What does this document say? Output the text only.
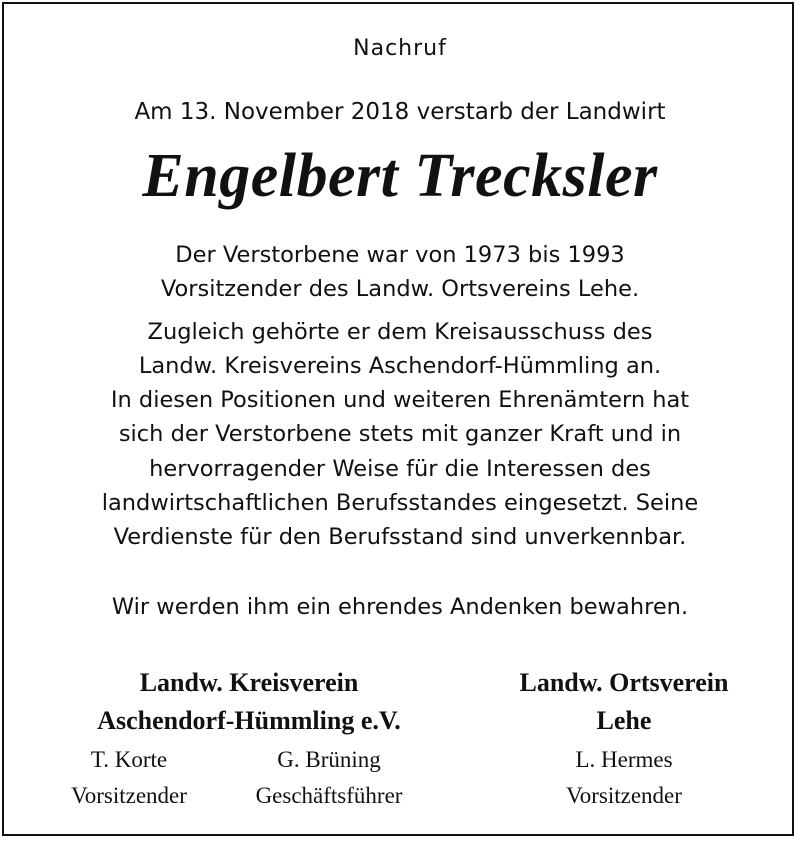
Nachruf
Am 13. November 2018 verstarb der Landwirt
Engelbert Trecksler
Der Verstorbene war von 1973 bis 1993
Vorsitzender des Landw. Ortsvereins Lehe.
Zugleich gehörte er dem Kreisausschuss des
Landw. Kreisvereins Aschendorf-Hümmling an.
In diesen Positionen und weiteren Ehrenämtern hat
sich der Verstorbene stets mit ganzer Kraft und in
hervorragender Weise für die Interessen des
landwirtschaftlichen Berufsstandes eingesetzt. Seine
Verdienste für den Berufsstand sind unverkennbar.
Wir werden ihm ein ehrendes Andenken bewahren.
Landw. Kreisverein
Aschendorf-Hümmling e.V.
Landw. Ortsverein
Lehe
T. Korte
Vorsitzender
G. Brüning
Geschäftsführer
L. Hermes
Vorsitzender
